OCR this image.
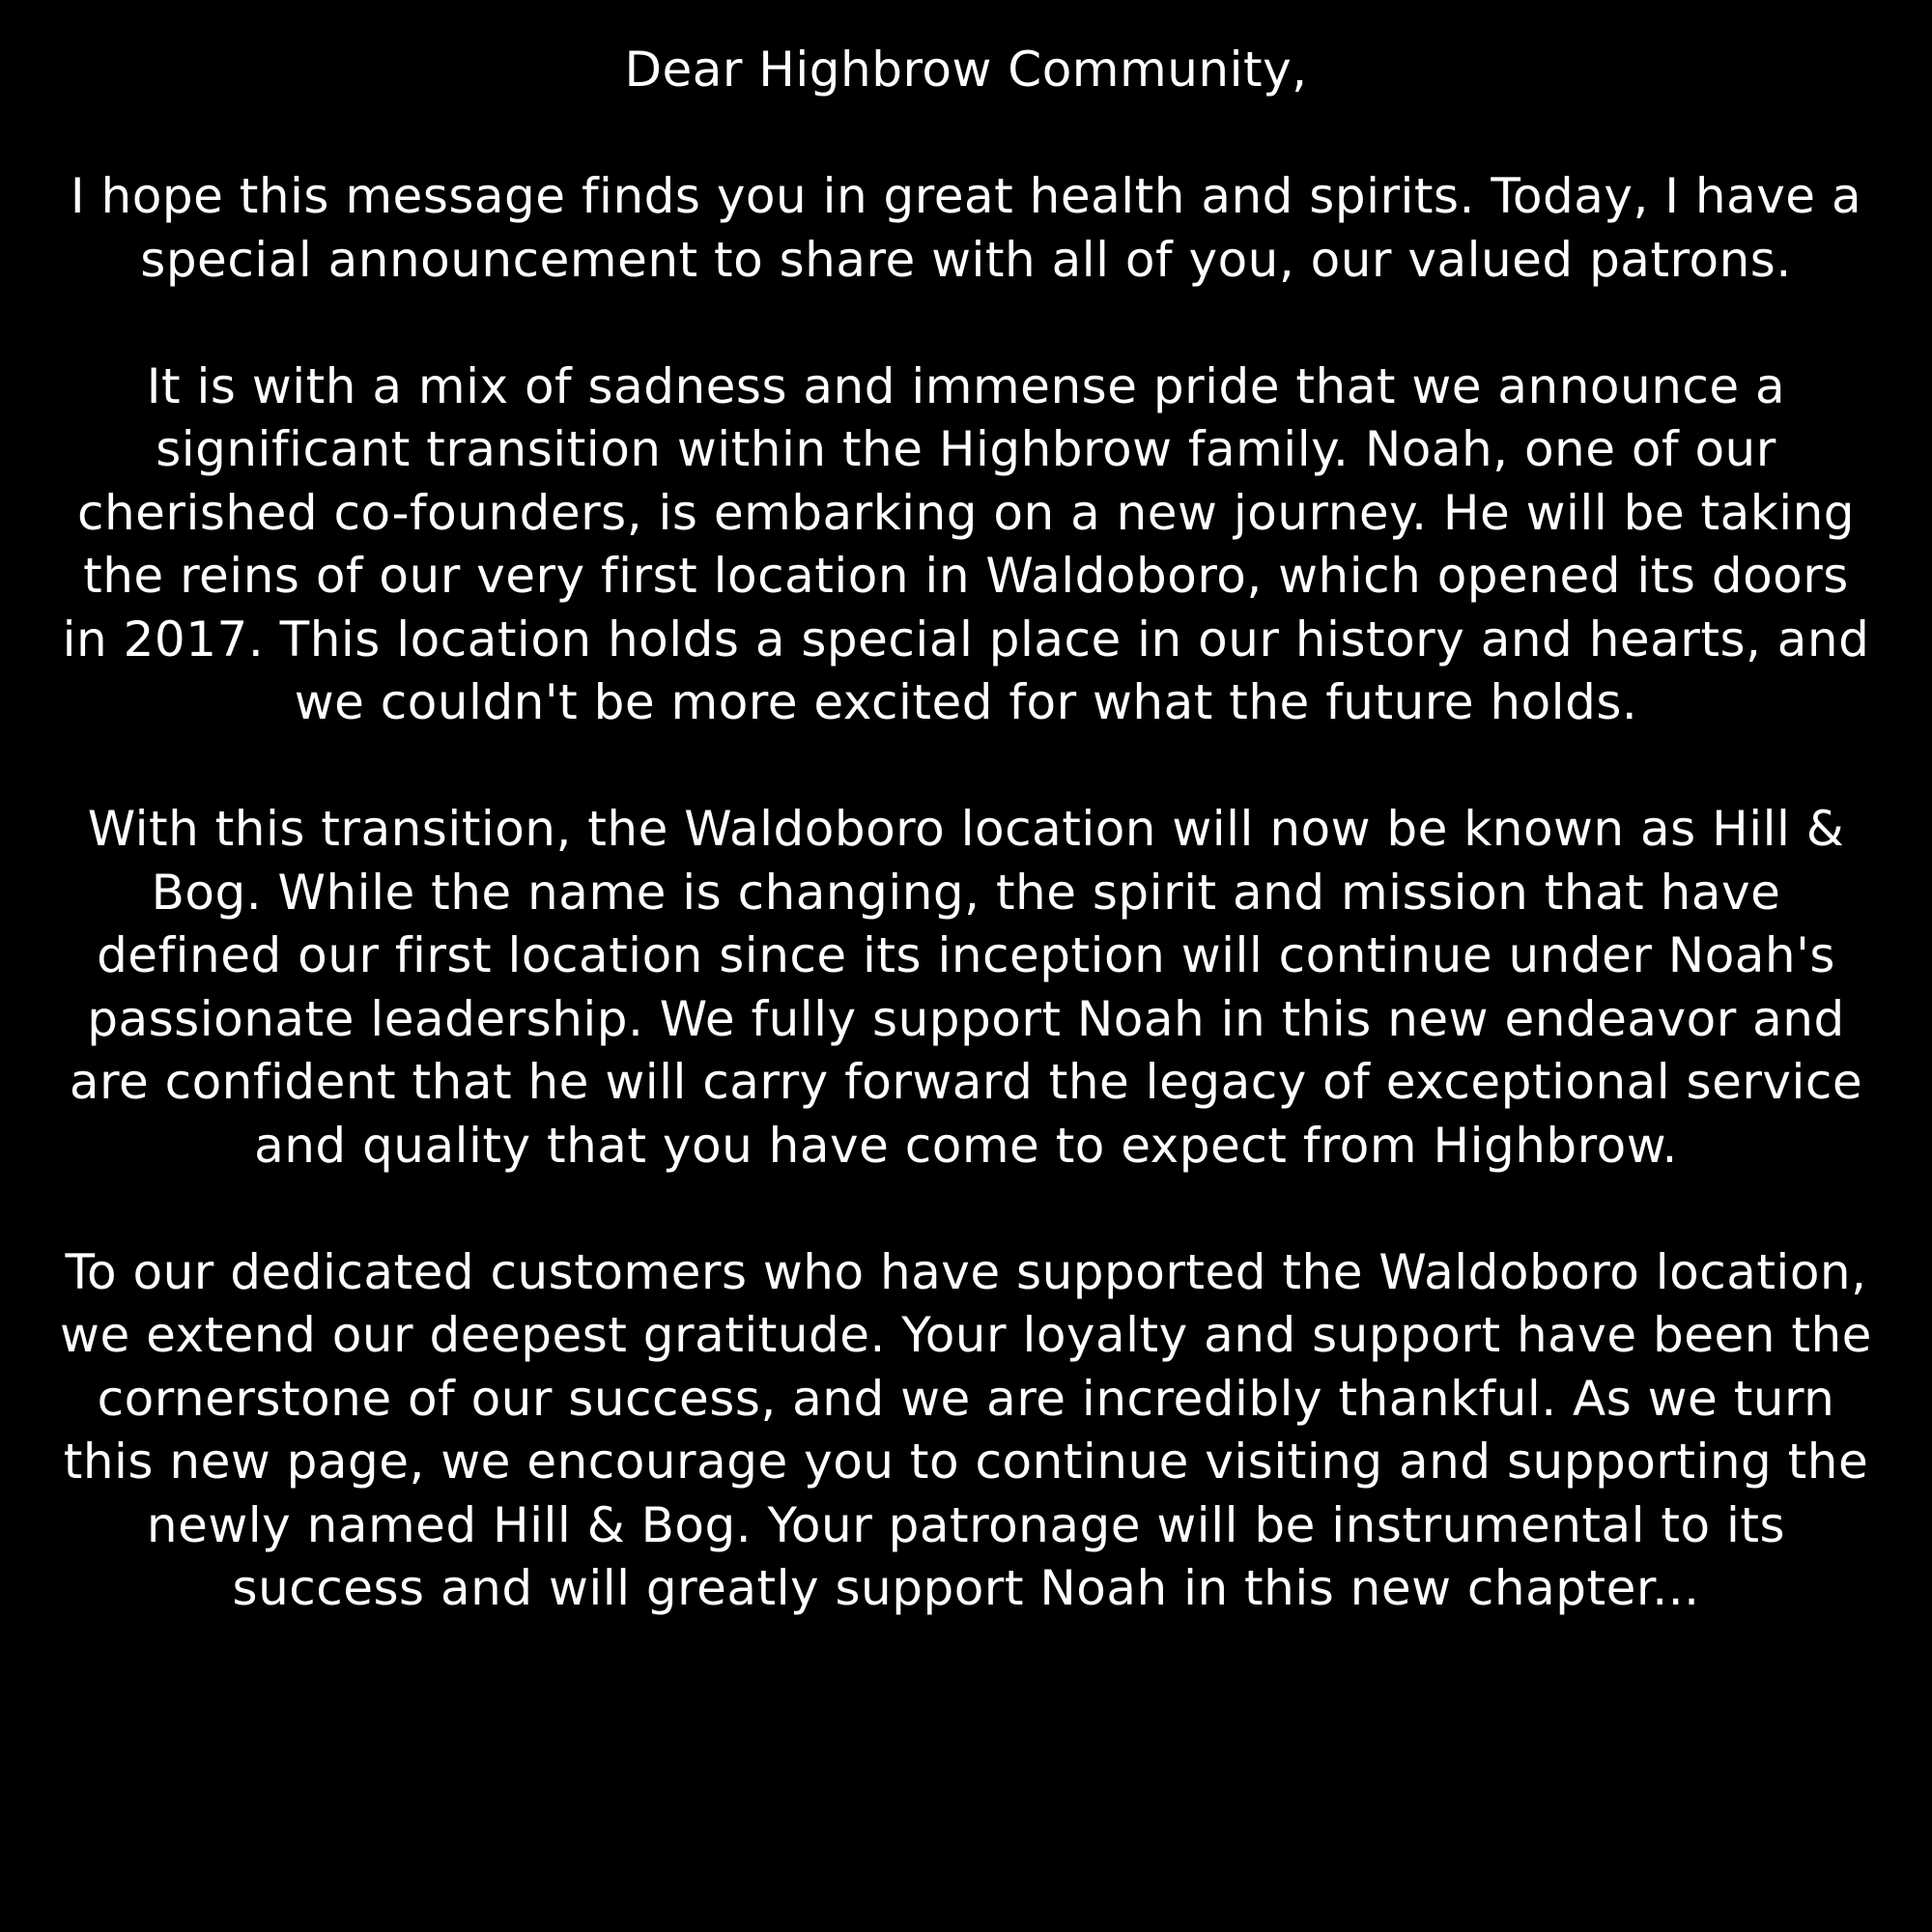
Dear Highbrow Community,

I hope this message finds you in great health and spirits. Today, I have a special announcement to share with all of you, our valued patrons.

It is with a mix of sadness and immense pride that we announce a significant transition within the Highbrow family. Noah, one of our cherished co-founders, is embarking on a new journey. He will be taking the reins of our very first location in Waldoboro, which opened its doors in 2017. This location holds a special place in our history and hearts, and we couldn't be more excited for what the future holds.

With this transition, the Waldoboro location will now be known as Hill & Bog. While the name is changing, the spirit and mission that have defined our first location since its inception will continue under Noah's passionate leadership. We fully support Noah in this new endeavor and are confident that he will carry forward the legacy of exceptional service and quality that you have come to expect from Highbrow.

To our dedicated customers who have supported the Waldoboro location, we extend our deepest gratitude. Your loyalty and support have been the cornerstone of our success, and we are incredibly thankful. As we turn this new page, we encourage you to continue visiting and supporting the newly named Hill & Bog. Your patronage will be instrumental to its success and will greatly support Noah in this new chapter...
